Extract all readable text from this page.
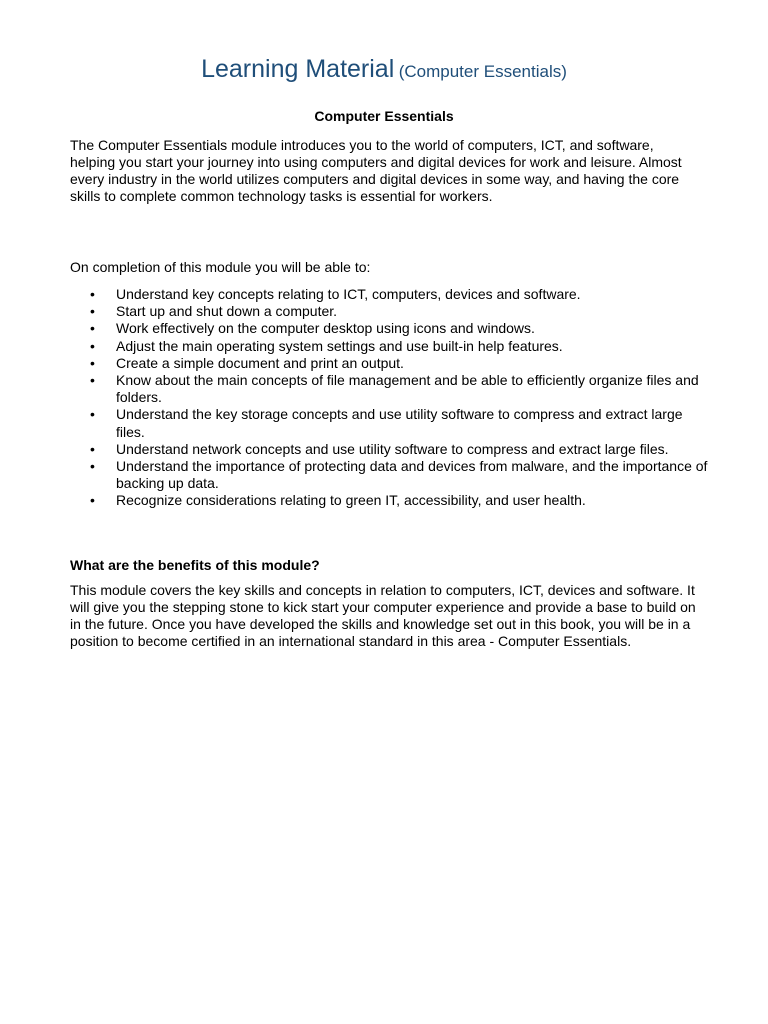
Learning Material (Computer Essentials)
Computer Essentials

The Computer Essentials module introduces you to the world of computers, ICT, and software, helping you start your journey into using computers and digital devices for work and leisure. Almost every industry in the world utilizes computers and digital devices in some way, and having the core skills to complete common technology tasks is essential for workers.

On completion of this module you will be able to:

• Understand key concepts relating to ICT, computers, devices and software.
• Start up and shut down a computer.
• Work effectively on the computer desktop using icons and windows.
• Adjust the main operating system settings and use built-in help features.
• Create a simple document and print an output.
• Know about the main concepts of file management and be able to efficiently organize files and folders.
• Understand the key storage concepts and use utility software to compress and extract large files.
• Understand network concepts and use utility software to compress and extract large files.
• Understand the importance of protecting data and devices from malware, and the importance of backing up data.
• Recognize considerations relating to green IT, accessibility, and user health.
What are the benefits of this module?

This module covers the key skills and concepts in relation to computers, ICT, devices and software. It will give you the stepping stone to kick start your computer experience and provide a base to build on in the future. Once you have developed the skills and knowledge set out in this book, you will be in a position to become certified in an international standard in this area - Computer Essentials.
